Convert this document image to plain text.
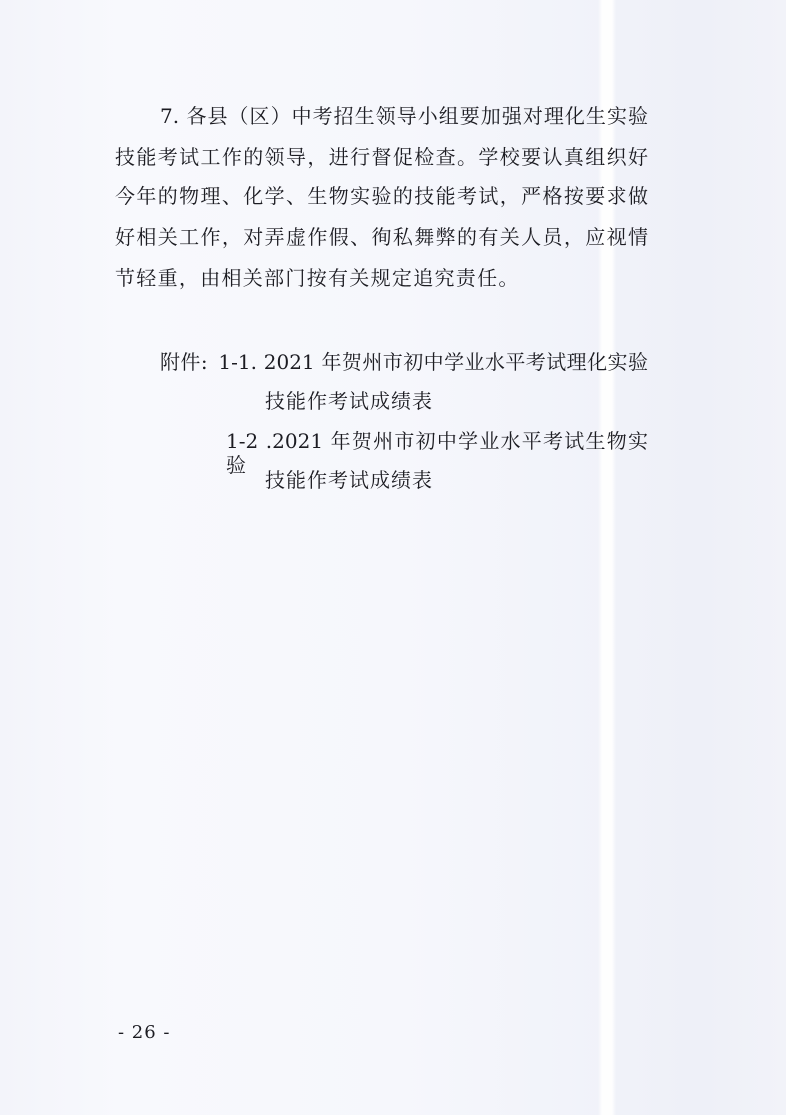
7. 各县（区）中考招生领导小组要加强对理化生实验
技能考试工作的领导，进行督促检查。学校要认真组织好
今年的物理、化学、生物实验的技能考试，严格按要求做
好相关工作，对弄虚作假、徇私舞弊的有关人员，应视情
节轻重，由相关部门按有关规定追究责任。
附件: 1-1. 2021 年贺州市初中学业水平考试理化实验
技能作考试成绩表
1-2 .2021 年贺州市初中学业水平考试生物实验
技能作考试成绩表
- 26 -
